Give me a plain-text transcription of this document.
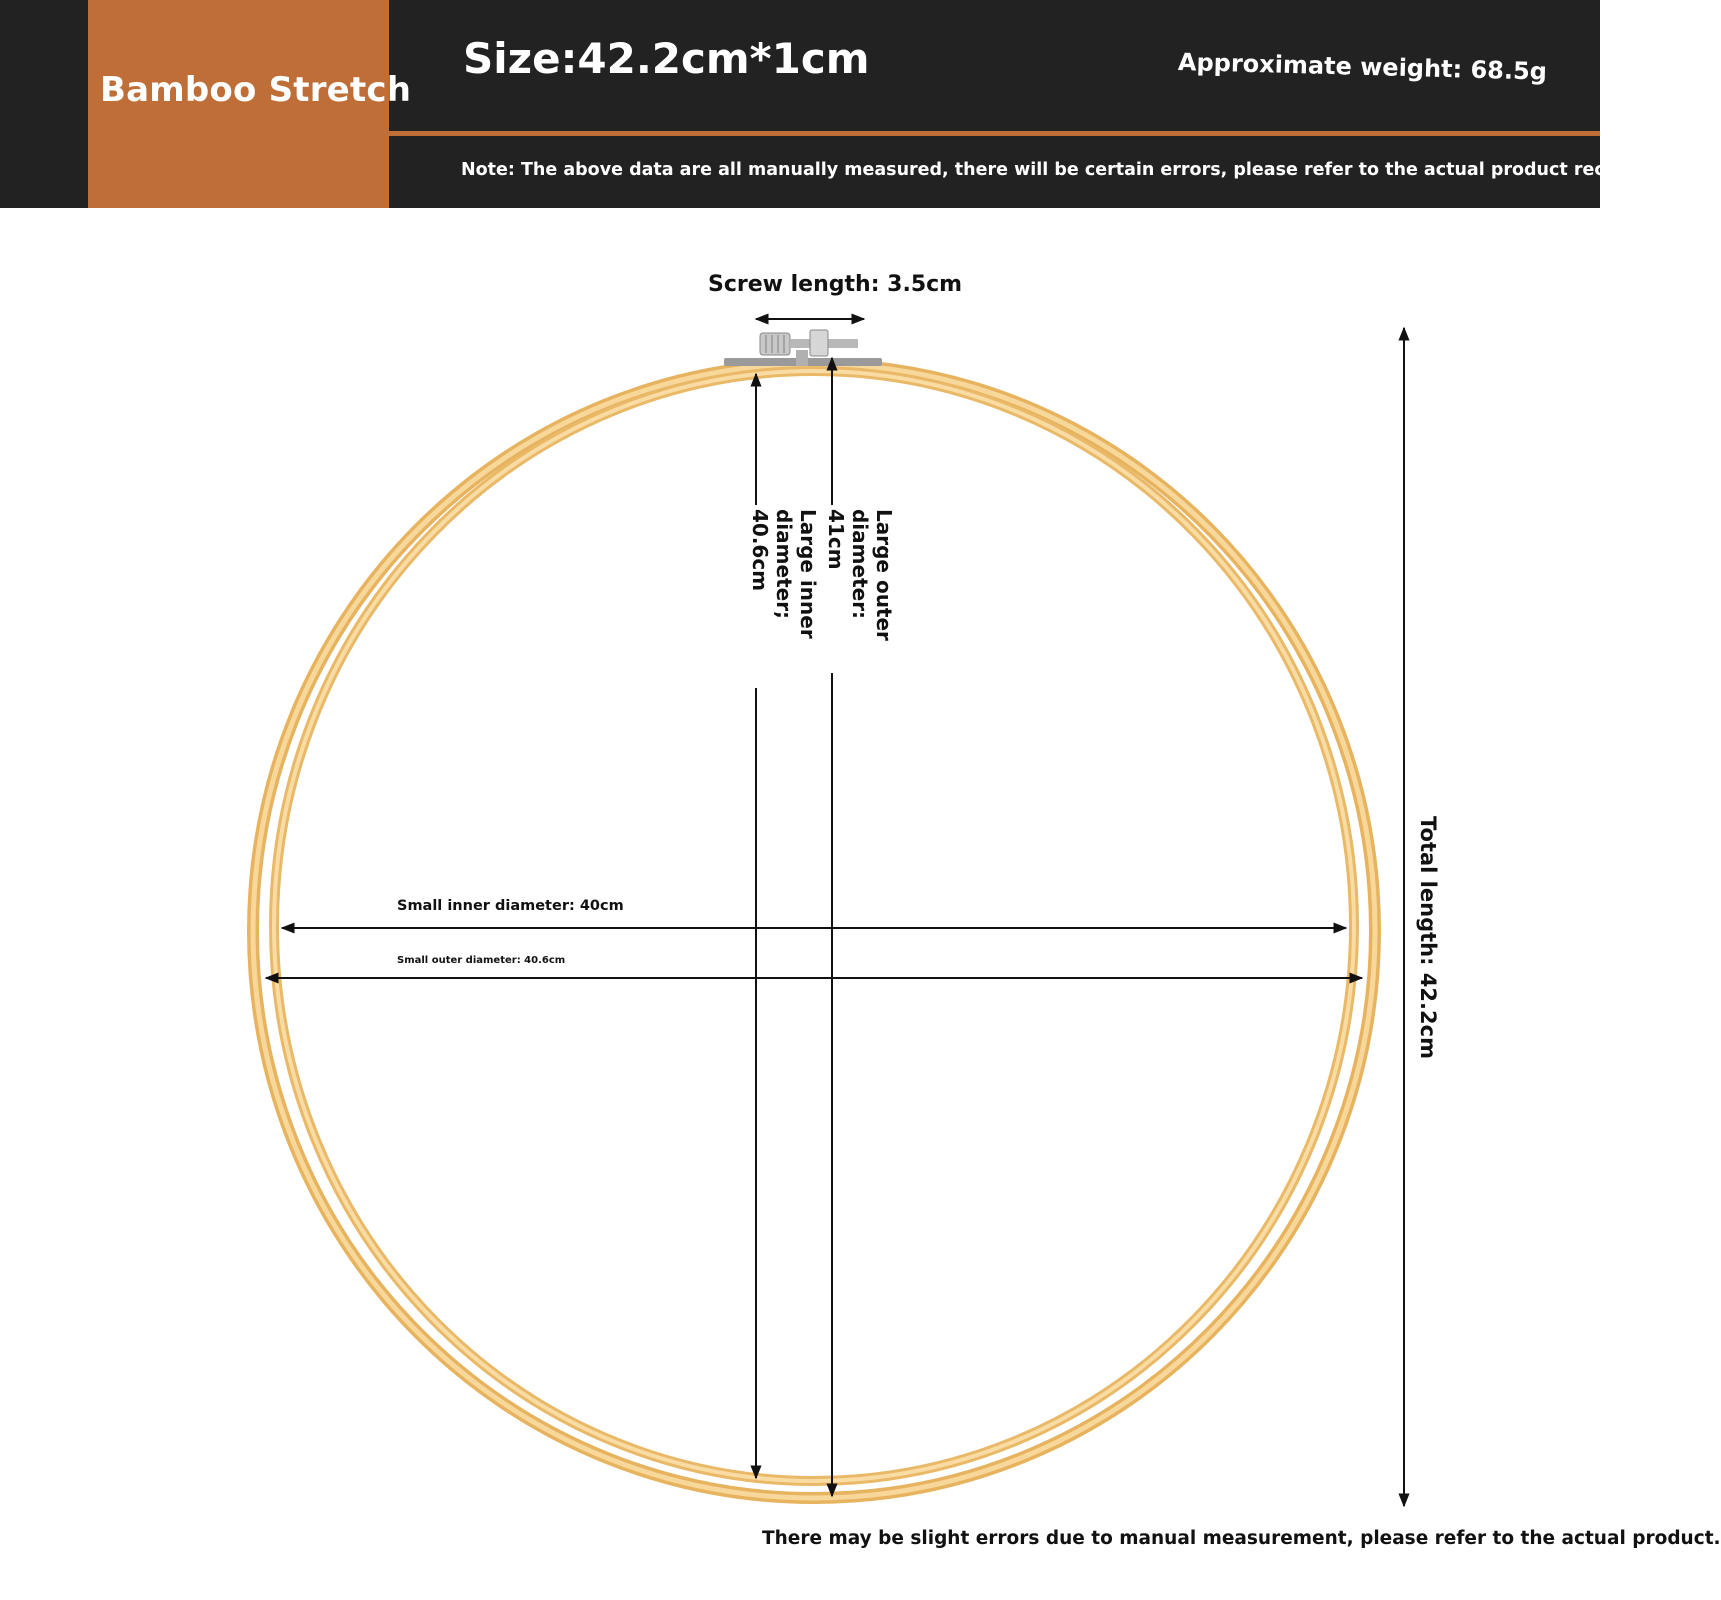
Bamboo Stretch
Size:42.2cm*1cm	Approximate weight: 68.5g
Note: The above data are all manually measured, there will be certain errors, please refer to the actual product received!
Screw length: 3.5cm
Large inner diameter; 40.6cm	Large outer diameter: 41cm
Small inner diameter: 40cm
Small outer diameter: 40.6cm	Total length: 42.2cm
There may be slight errors due to manual measurement, please refer to the actual product.
